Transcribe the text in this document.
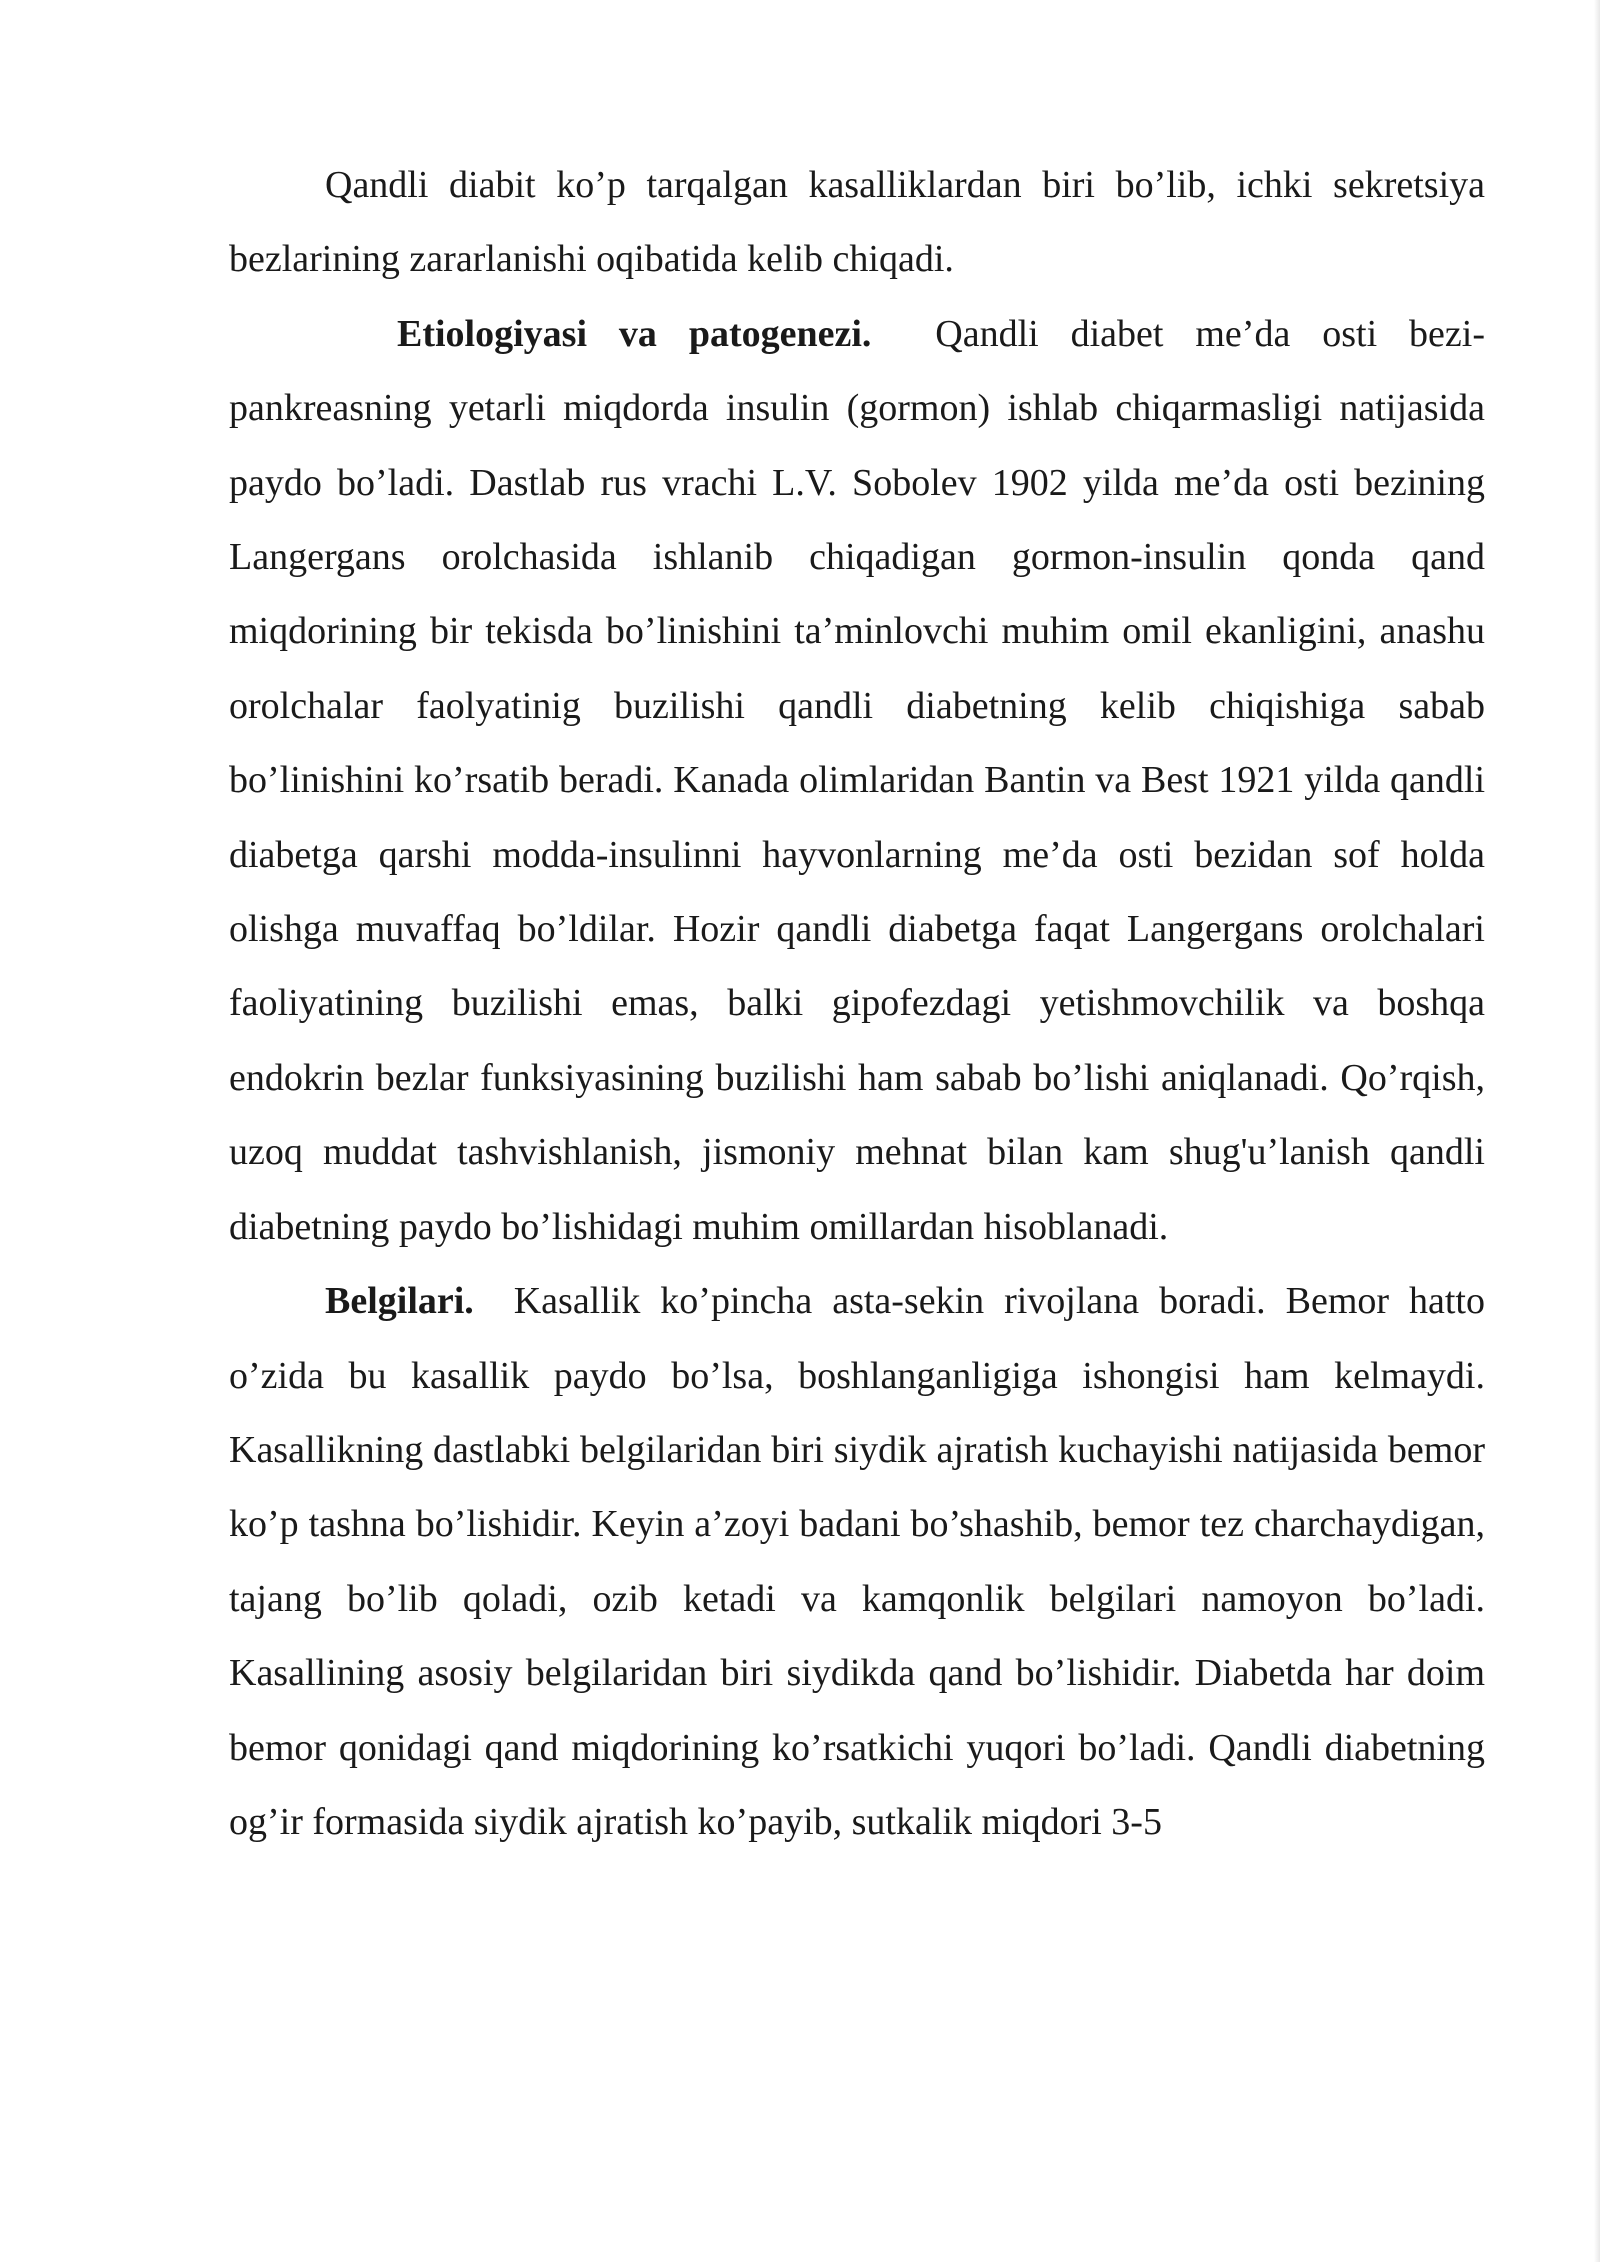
Qandli diabit ko’p tarqalgan kasalliklardan biri bo’lib, ichki sekretsiya bezlarining zararlanishi oqibatida kelib chiqadi.

Etiologiyasi va patogenezi. Qandli diabet me’da osti bezi-pankreasning yetarli miqdorda insulin (gormon) ishlab chiqarmasligi natijasida paydo bo’ladi. Dastlab rus vrachi L.V. Sobolev 1902 yilda me’da osti bezining Langergans orolchasida ishlanib chiqadigan gormon-insulin qonda qand miqdorining bir tekisda bo’linishini ta’minlovchi muhim omil ekanligini, anashu orolchalar faolyatinig buzilishi qandli diabetning kelib chiqishiga sabab bo’linishini ko’rsatib beradi. Kanada olimlaridan Bantin va Best 1921 yilda qandli diabetga qarshi modda-insulinni hayvonlarning me’da osti bezidan sof holda olishga muvaffaq bo’ldilar. Hozir qandli diabetga faqat Langergans orolchalari faoliyatining buzilishi emas, balki gipofezdagi yetishmovchilik va boshqa endokrin bezlar funksiyasining buzilishi ham sabab bo’lishi aniqlanadi. Qo’rqish, uzoq muddat tashvishlanish, jismoniy mehnat bilan kam shug'u’lanish qandli diabetning paydo bo’lishidagi muhim omillardan hisoblanadi.

Belgilari. Kasallik ko’pincha asta-sekin rivojlana boradi. Bemor hatto o’zida bu kasallik paydo bo’lsa, boshlanganligiga ishongisi ham kelmaydi. Kasallikning dastlabki belgilaridan biri siydik ajratish kuchayishi natijasida bemor ko’p tashna bo’lishidir. Keyin a’zoyi badani bo’shashib, bemor tez charchaydigan, tajang bo’lib qoladi, ozib ketadi va kamqonlik belgilari namoyon bo’ladi. Kasallining asosiy belgilaridan biri siydikda qand bo’lishidir. Diabetda har doim bemor qonidagi qand miqdorining ko’rsatkichi yuqori bo’ladi. Qandli diabetning og’ir formasida siydik ajratish ko’payib, sutkalik miqdori 3-5
